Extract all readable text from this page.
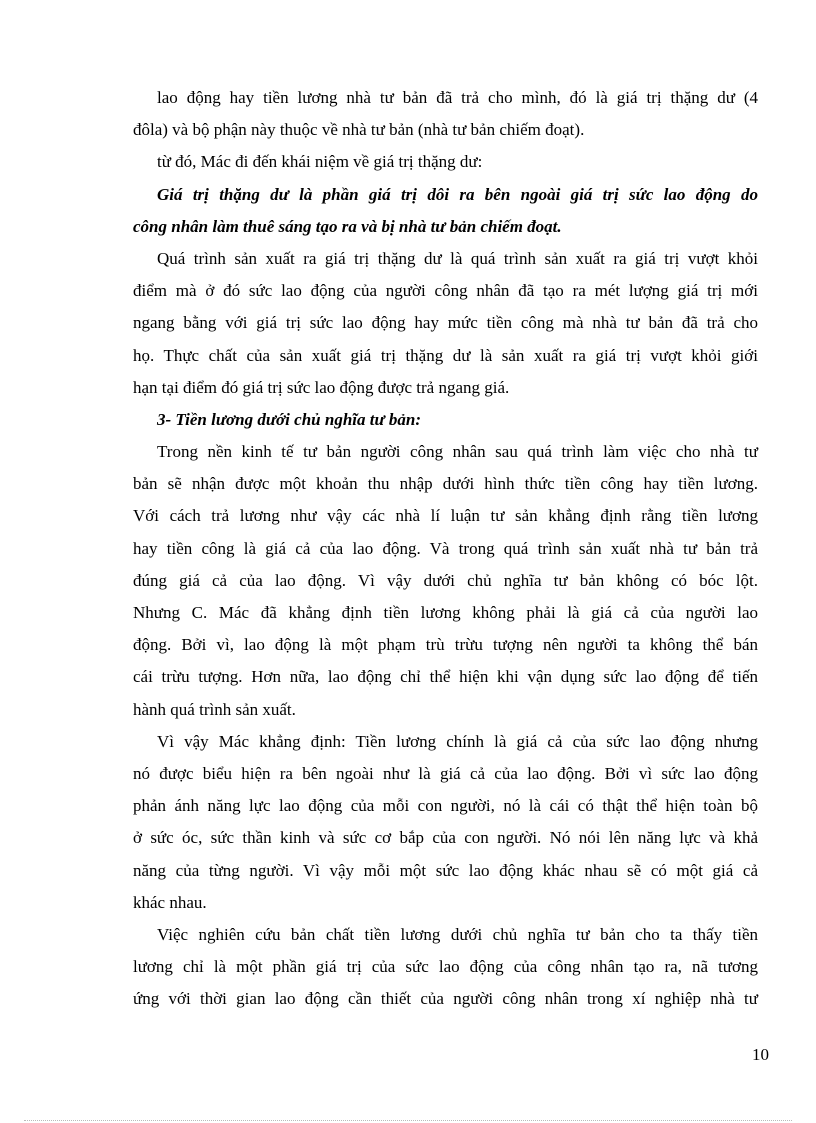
lao động hay tiền lương nhà tư bản đã trả cho mình, đó là giá trị thặng dư (4
đôla) và bộ phận này thuộc về nhà tư bản (nhà tư bản chiếm đoạt).
từ đó, Mác đi đến khái niệm về giá trị thặng dư:
Giá trị thặng dư là phần giá trị dôi ra bên ngoài giá trị sức lao động do
công nhân làm thuê sáng tạo ra và bị nhà tư bản chiếm đoạt.
Quá trình sản xuất ra giá trị thặng dư là quá trình sản xuất ra giá trị vượt khỏi
điểm mà ở đó sức lao động của người công nhân đã tạo ra mét lượng giá trị mới
ngang bằng với giá trị sức lao động hay mức tiền công mà nhà tư bản đã trả cho
họ. Thực chất của sản xuất giá trị thặng dư là sản xuất ra giá trị vượt khỏi giới
hạn tại điểm đó giá trị sức lao động được trả ngang giá.
3- Tiền lương dưới chủ nghĩa tư bản:
Trong nền kinh tế tư bản người công nhân sau quá trình làm việc cho nhà tư
bản sẽ nhận được một khoản thu nhập dưới hình thức tiền công hay tiền lương.
Với cách trả lương như vậy các nhà lí luận tư sản khẳng định rằng tiền lương
hay tiền công là giá cả của lao động. Và trong quá trình sản xuất nhà tư bản trả
đúng giá cả của lao động. Vì vậy dưới chủ nghĩa tư bản không có bóc lột.
Nhưng C. Mác đã khẳng định tiền lương không phải là giá cả của người lao
động. Bởi vì, lao động là một phạm trù trừu tượng nên người ta không thể bán
cái trừu tượng. Hơn nữa, lao động chỉ thể hiện khi vận dụng sức lao động để tiến
hành quá trình sản xuất.
Vì vậy Mác khẳng định: Tiền lương chính là giá cả của sức lao động nhưng
nó được biểu hiện ra bên ngoài như là giá cả của lao động. Bởi vì sức lao động
phản ánh năng lực lao động của mỗi con người, nó là cái có thật thể hiện toàn bộ
ở sức óc, sức thần kinh và sức cơ bắp của con người. Nó nói lên năng lực và khả
năng của từng người. Vì vậy mỗi một sức lao động khác nhau sẽ có một giá cả
khác nhau.
Việc nghiên cứu bản chất tiền lương dưới chủ nghĩa tư bản cho ta thấy tiền
lương chỉ là một phần giá trị của sức lao động của công nhân tạo ra, nã tương
ứng với thời gian lao động cần thiết của người công nhân trong xí nghiệp nhà tư
10
